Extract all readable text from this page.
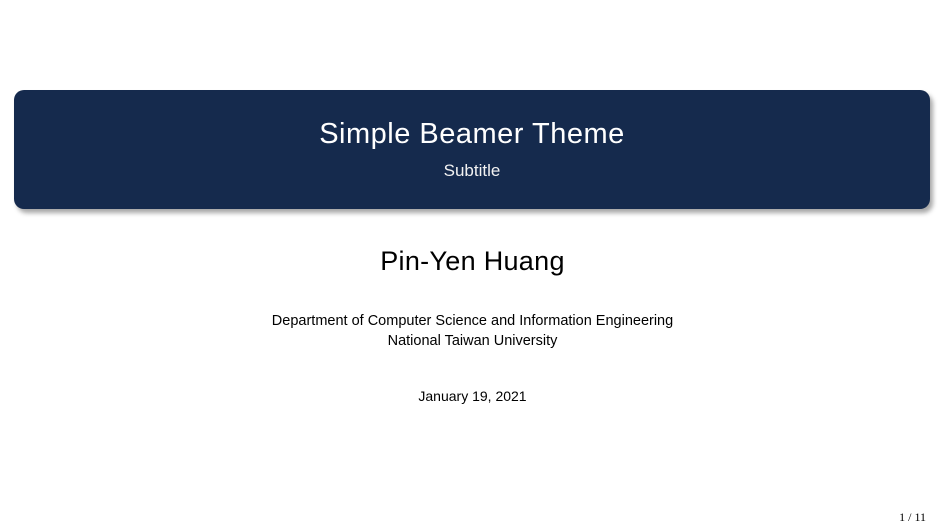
Simple Beamer Theme
Subtitle
Pin-Yen Huang
Department of Computer Science and Information Engineering
National Taiwan University
January 19, 2021
1 / 11
